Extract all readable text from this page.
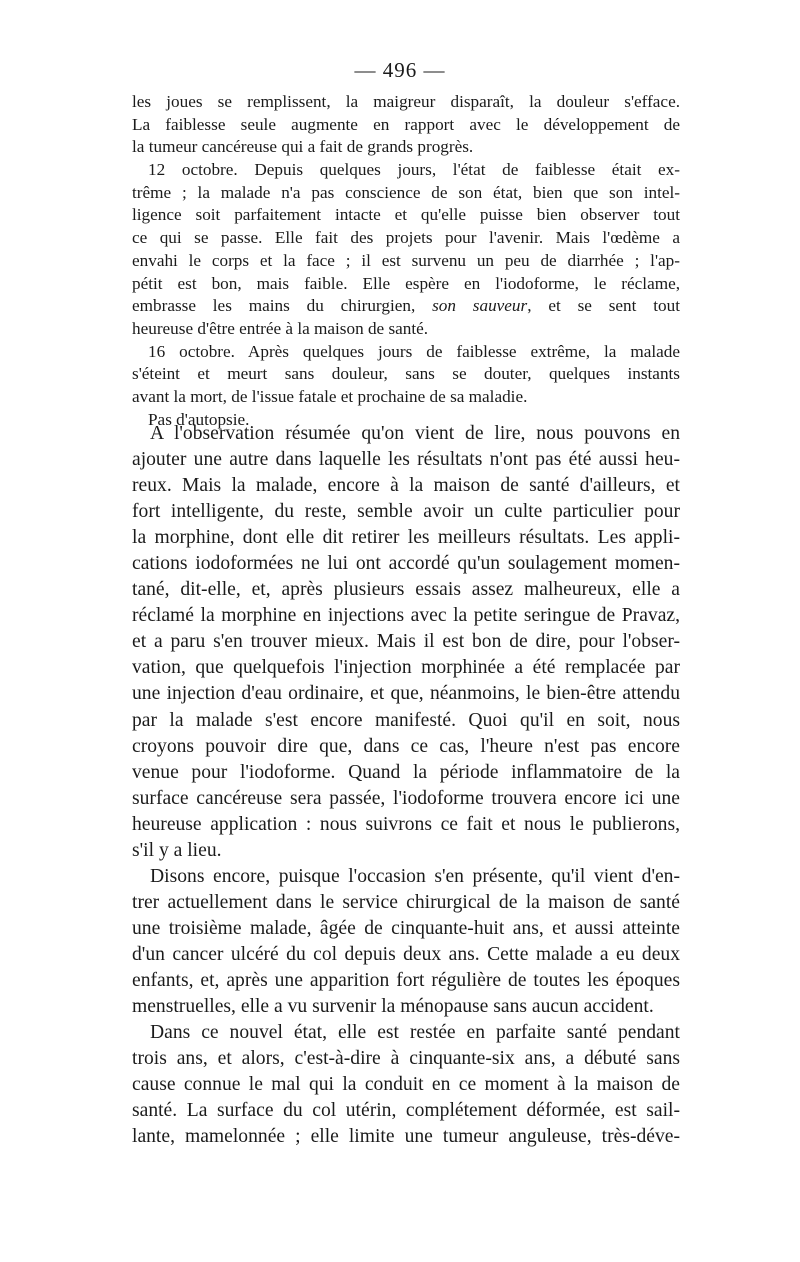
— 496 —
les joues se remplissent, la maigreur disparaît, la douleur s'efface.
La faiblesse seule augmente en rapport avec le développement de
la tumeur cancéreuse qui a fait de grands progrès.
12 octobre. Depuis quelques jours, l'état de faiblesse était ex-
trême ; la malade n'a pas conscience de son état, bien que son intel-
ligence soit parfaitement intacte et qu'elle puisse bien observer tout
ce qui se passe. Elle fait des projets pour l'avenir. Mais l'œdème a
envahi le corps et la face ; il est survenu un peu de diarrhée ; l'ap-
pétit est bon, mais faible. Elle espère en l'iodoforme, le réclame,
embrasse les mains du chirurgien, son sauveur, et se sent tout
heureuse d'être entrée à la maison de santé.
16 octobre. Après quelques jours de faiblesse extrême, la malade
s'éteint et meurt sans douleur, sans se douter, quelques instants
avant la mort, de l'issue fatale et prochaine de sa maladie.
Pas d'autopsie.
A l'observation résumée qu'on vient de lire, nous pouvons en
ajouter une autre dans laquelle les résultats n'ont pas été aussi heu-
reux. Mais la malade, encore à la maison de santé d'ailleurs, et
fort intelligente, du reste, semble avoir un culte particulier pour
la morphine, dont elle dit retirer les meilleurs résultats. Les appli-
cations iodoformées ne lui ont accordé qu'un soulagement momen-
tané, dit-elle, et, après plusieurs essais assez malheureux, elle a
réclamé la morphine en injections avec la petite seringue de Pravaz,
et a paru s'en trouver mieux. Mais il est bon de dire, pour l'obser-
vation, que quelquefois l'injection morphinée a été remplacée par
une injection d'eau ordinaire, et que, néanmoins, le bien-être attendu
par la malade s'est encore manifesté. Quoi qu'il en soit, nous
croyons pouvoir dire que, dans ce cas, l'heure n'est pas encore
venue pour l'iodoforme. Quand la période inflammatoire de la
surface cancéreuse sera passée, l'iodoforme trouvera encore ici une
heureuse application : nous suivrons ce fait et nous le publierons,
s'il y a lieu.
Disons encore, puisque l'occasion s'en présente, qu'il vient d'en-
trer actuellement dans le service chirurgical de la maison de santé
une troisième malade, âgée de cinquante-huit ans, et aussi atteinte
d'un cancer ulcéré du col depuis deux ans. Cette malade a eu deux
enfants, et, après une apparition fort régulière de toutes les époques
menstruelles, elle a vu survenir la ménopause sans aucun accident.
Dans ce nouvel état, elle est restée en parfaite santé pendant
trois ans, et alors, c'est-à-dire à cinquante-six ans, a débuté sans
cause connue le mal qui la conduit en ce moment à la maison de
santé. La surface du col utérin, complétement déformée, est sail-
lante, mamelonnée ; elle limite une tumeur anguleuse, très-déve-
